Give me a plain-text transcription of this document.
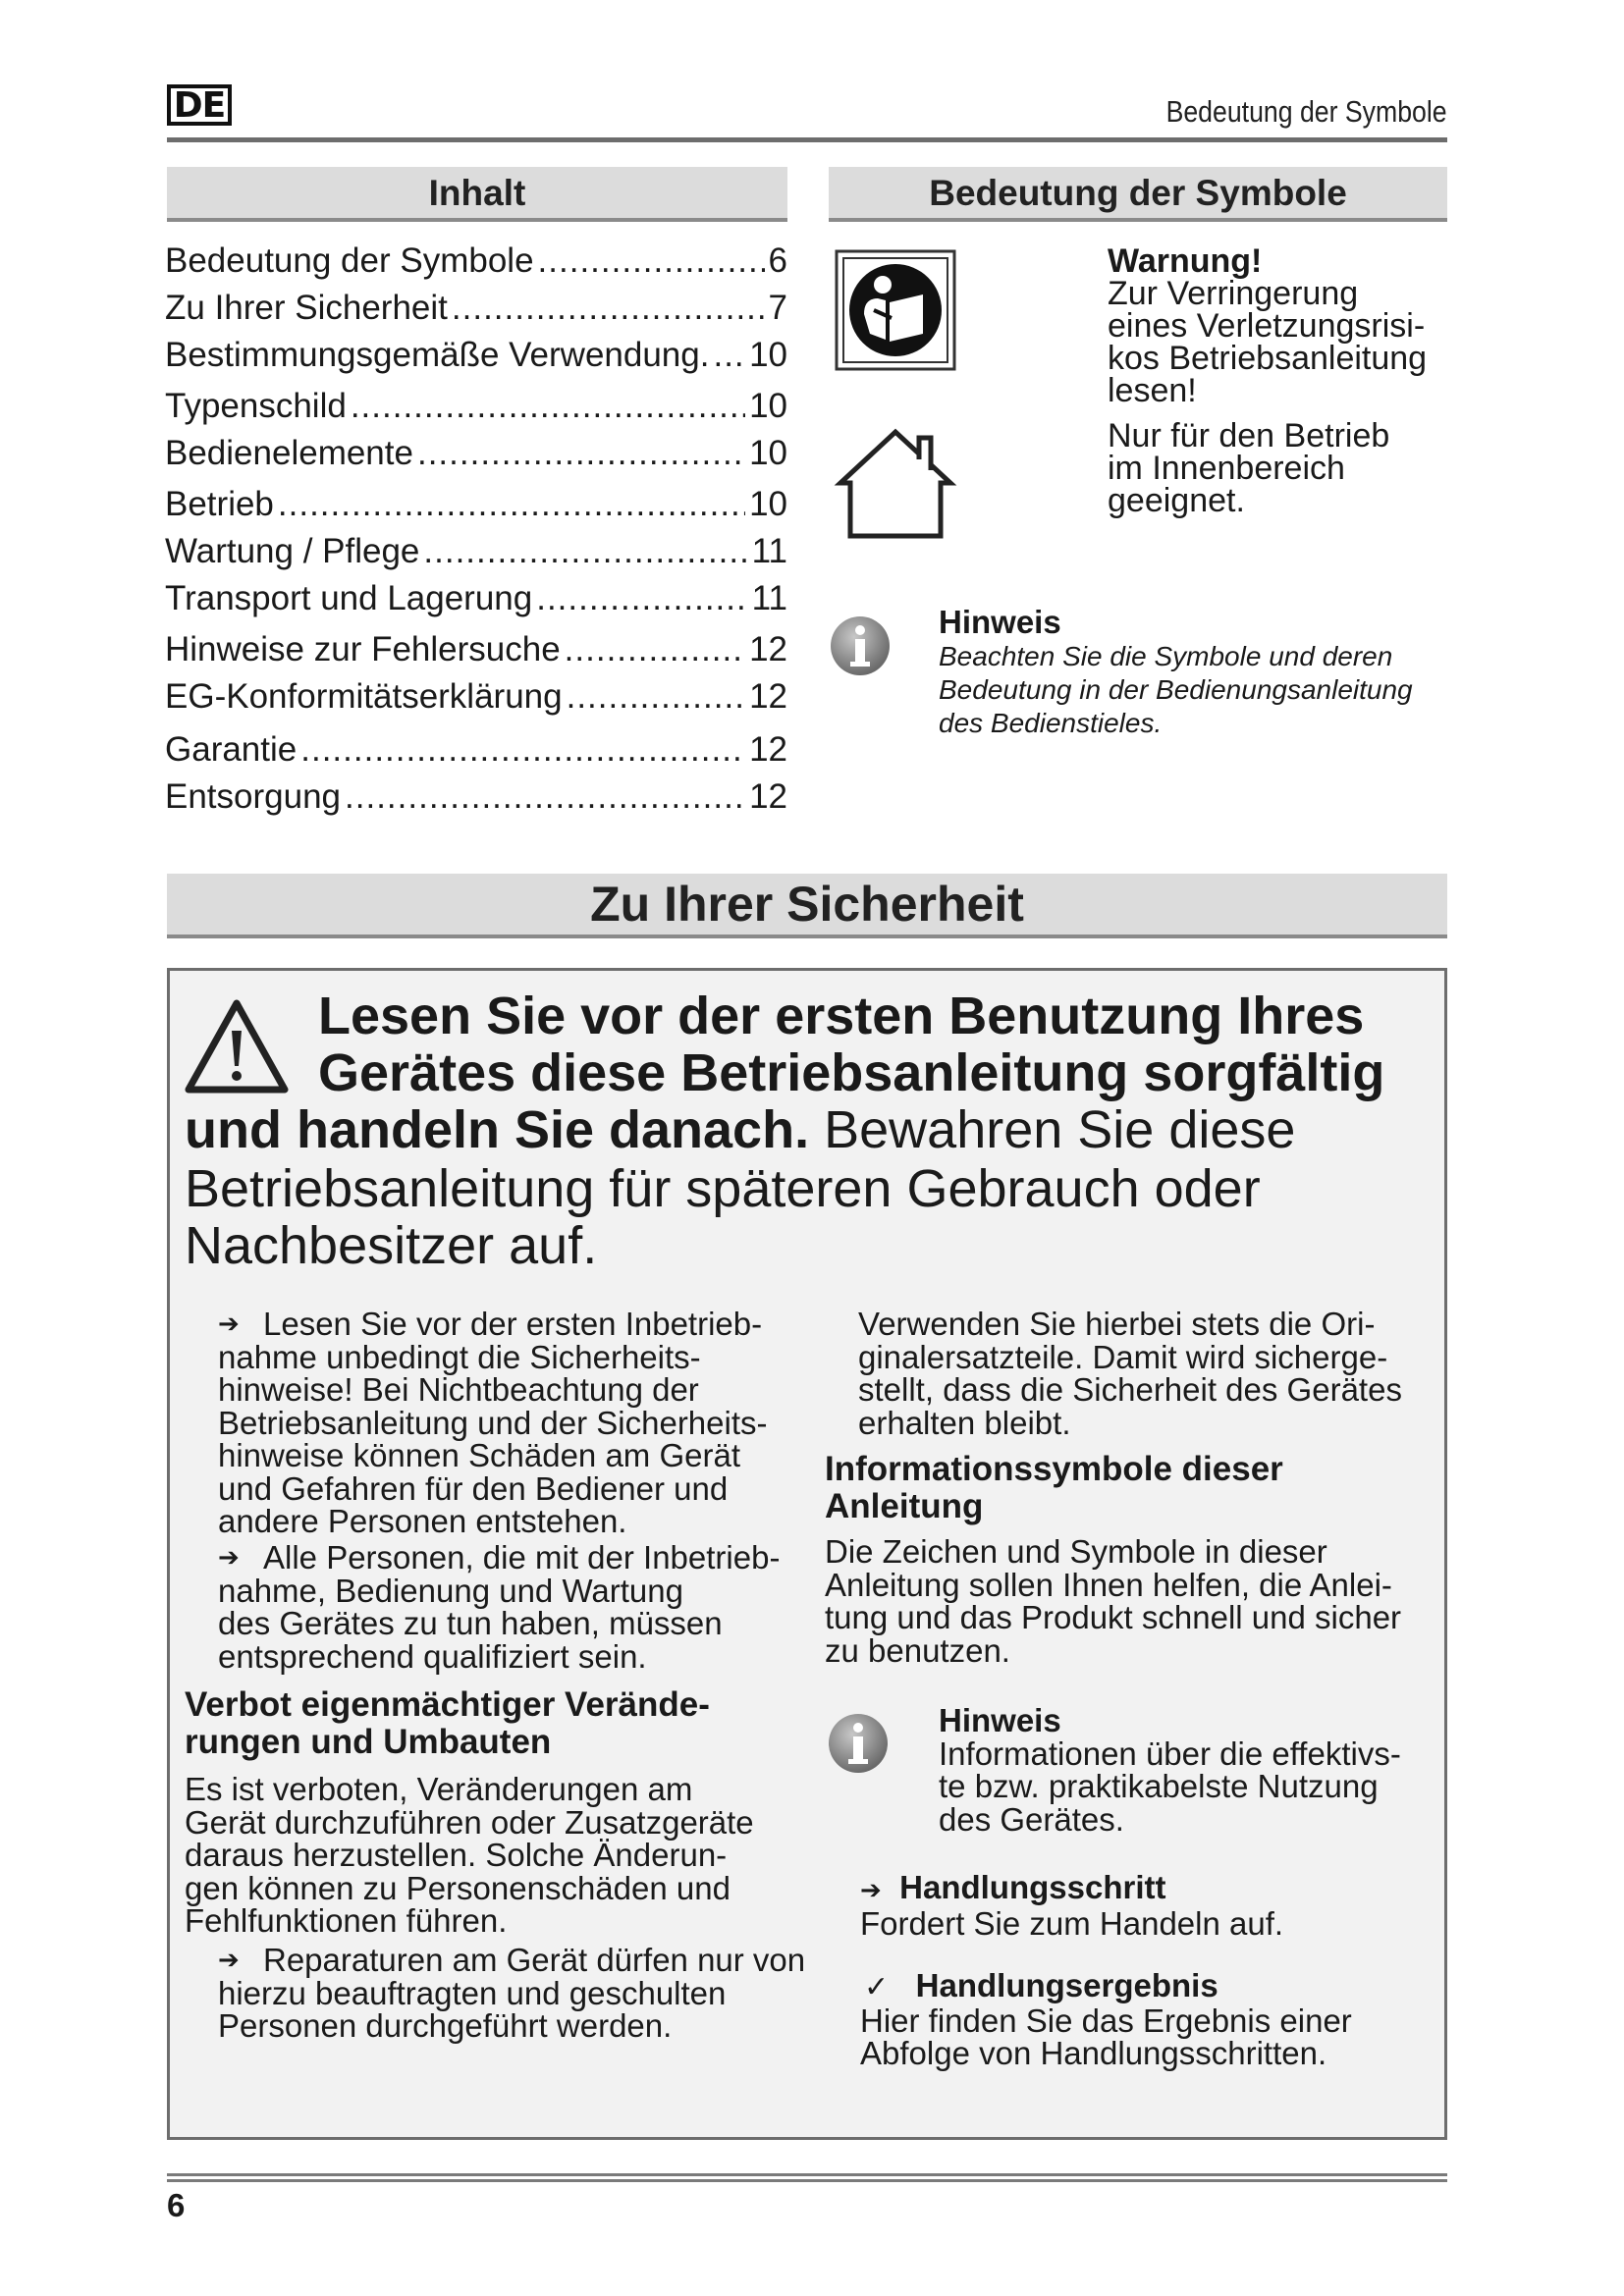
DE	Bedeutung der Symbole
Inhalt
Bedeutung der Symbole .....	6
Zu Ihrer Sicherheit .....	7
Bestimmungsgemäße Verwendung. ..... 10
Typenschild .....	10
Bedienelemente .....	10
Betrieb .....	10
Wartung / Pflege .....	11
Transport und Lagerung .....	11
Hinweise zur Fehlersuche .....	12
EG-Konformitätserklärung .....	12
Garantie .....	12
Entsorgung .....	12
Bedeutung der Symbole
Warnung!
Zur Verringerung
eines Verletzungsrisi-
kos Betriebsanleitung
lesen!
Nur für den Betrieb
im Innenbereich
geeignet.
Hinweis
Beachten Sie die Symbole und deren
Bedeutung in der Bedienungsanleitung
des Bedienstieles.
Zu Ihrer Sicherheit
Lesen Sie vor der ersten Benutzung Ihres
Gerätes diese Betriebsanleitung sorgfältig
und handeln Sie danach. Bewahren Sie diese
Betriebsanleitung für späteren Gebrauch oder
Nachbesitzer auf.
➔ Lesen Sie vor der ersten Inbetrieb-
nahme unbedingt die Sicherheits-
hinweise! Bei Nichtbeachtung der
Betriebsanleitung und der Sicherheits-
hinweise können Schäden am Gerät
und Gefahren für den Bediener und
andere Personen entstehen.
➔ Alle Personen, die mit der Inbetrieb-
nahme, Bedienung und Wartung
des Gerätes zu tun haben, müssen
entsprechend qualifiziert sein.
Verbot eigenmächtiger Verände-
rungen und Umbauten
Es ist verboten, Veränderungen am
Gerät durchzuführen oder Zusatzgeräte
daraus herzustellen. Solche Änderun-
gen können zu Personenschäden und
Fehlfunktionen führen.
➔ Reparaturen am Gerät dürfen nur von
hierzu beauftragten und geschulten
Personen durchgeführt werden.
Verwenden Sie hierbei stets die Ori-
ginalersatzteile. Damit wird sicherge-
stellt, dass die Sicherheit des Gerätes
erhalten bleibt.
Informationssymbole dieser
Anleitung
Die Zeichen und Symbole in dieser
Anleitung sollen Ihnen helfen, die Anlei-
tung und das Produkt schnell und sicher
zu benutzen.
Hinweis
Informationen über die effektivs-
te bzw. praktikabelste Nutzung
des Gerätes.
➔ Handlungsschritt
Fordert Sie zum Handeln auf.
✓ Handlungsergebnis
Hier finden Sie das Ergebnis einer
Abfolge von Handlungsschritten.
6
